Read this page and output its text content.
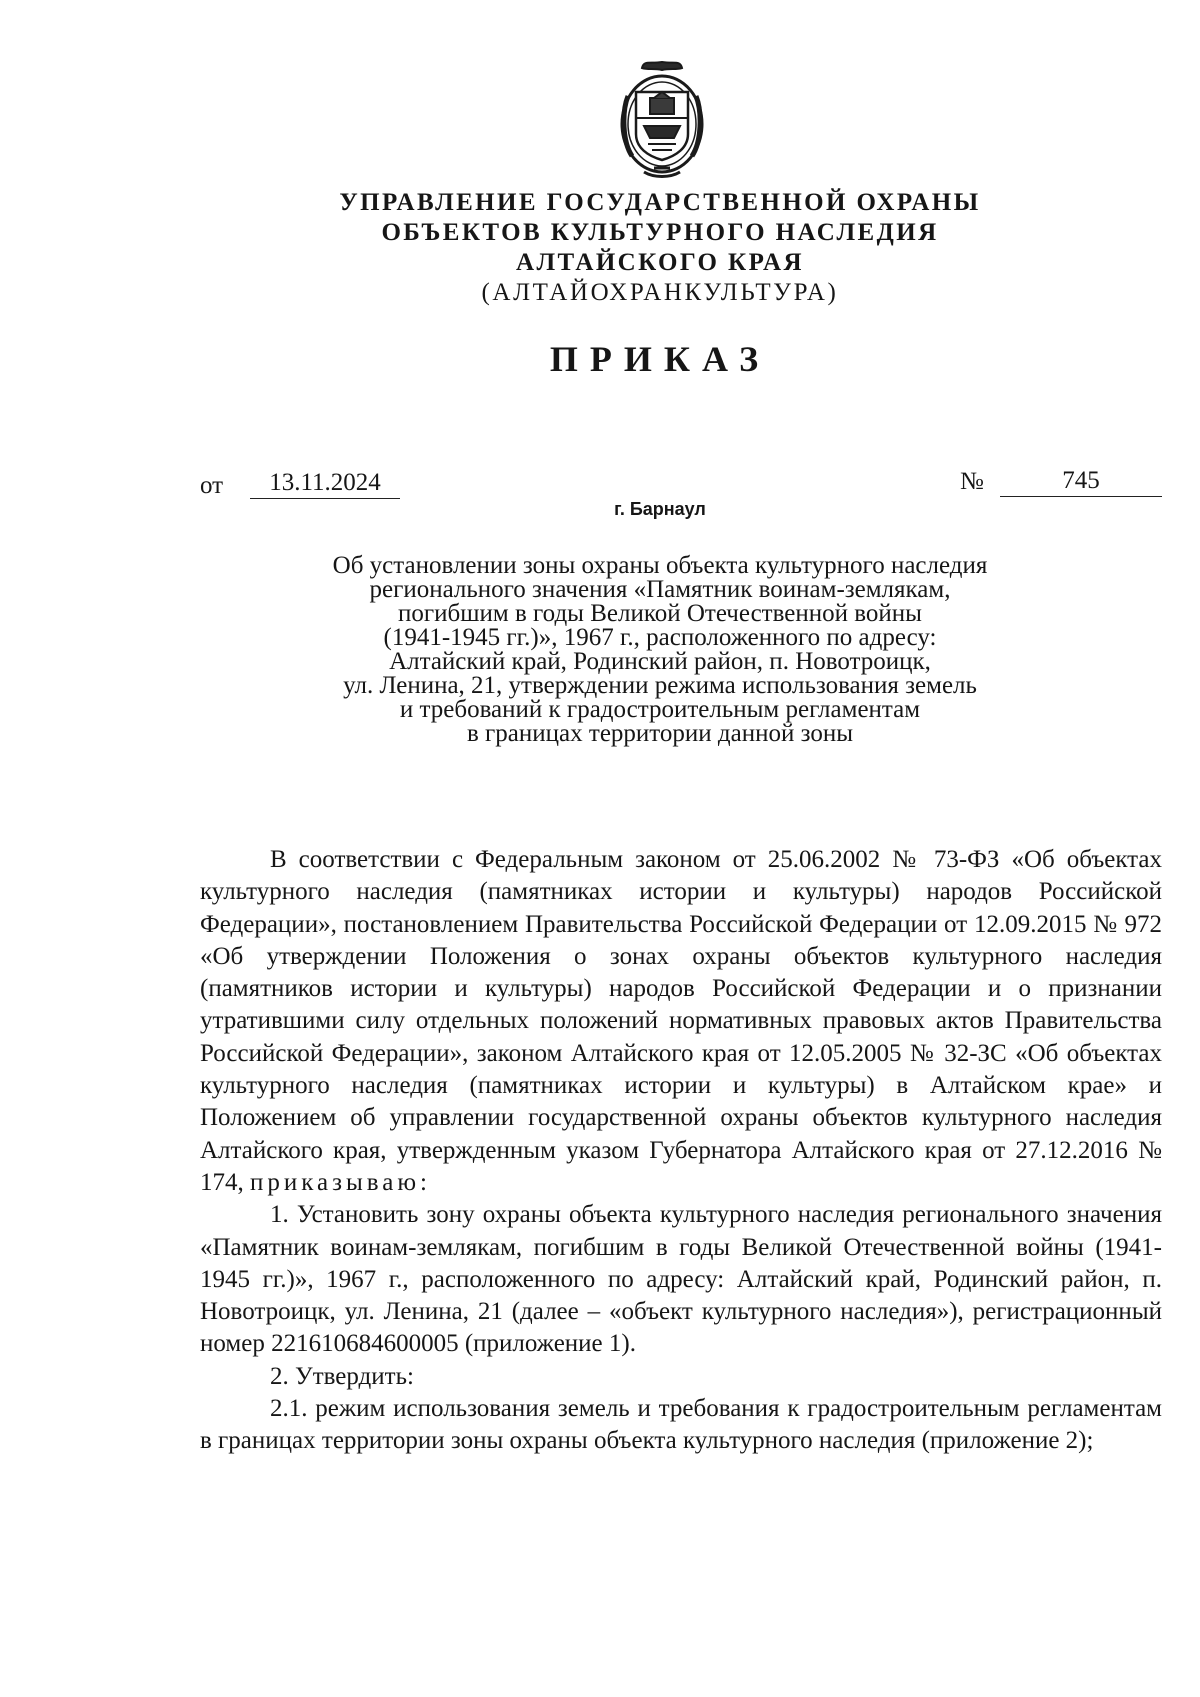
УПРАВЛЕНИЕ ГОСУДАРСТВЕННОЙ ОХРАНЫ
ОБЪЕКТОВ КУЛЬТУРНОГО НАСЛЕДИЯ
АЛТАЙСКОГО КРАЯ
(АЛТАЙОХРАНКУЛЬТУРА)
ПРИКАЗ
от	13.11.2024	№	745
г. Барнаул
Об установлении зоны охраны объекта культурного наследия
регионального значения «Памятник воинам-землякам,
погибшим в годы Великой Отечественной войны
(1941-1945 гг.)», 1967 г., расположенного по адресу:
Алтайский край, Родинский район, п. Новотроицк,
ул. Ленина, 21, утверждении режима использования земель
и требований к градостроительным регламентам
в границах территории данной зоны

В соответствии с Федеральным законом от 25.06.2002 № 73-ФЗ «Об объектах культурного наследия (памятниках истории и культуры) народов Российской Федерации», постановлением Правительства Российской Федерации от 12.09.2015 № 972 «Об утверждении Положения о зонах охраны объектов культурного наследия (памятников истории и культуры) народов Российской Федерации и о признании утратившими силу отдельных положений нормативных правовых актов Правительства Российской Федерации», законом Алтайского края от 12.05.2005 № 32-ЗС «Об объектах культурного наследия (памятниках истории и культуры) в Алтайском крае» и Положением об управлении государственной охраны объектов культурного наследия Алтайского края, утвержденным указом Губернатора Алтайского края от 27.12.2016 № 174, приказываю:

1. Установить зону охраны объекта культурного наследия регионального значения «Памятник воинам-землякам, погибшим в годы Великой Отечественной войны (1941-1945 гг.)», 1967 г., расположенного по адресу: Алтайский край, Родинский район, п. Новотроицк, ул. Ленина, 21 (далее – «объект культурного наследия»), регистрационный номер 221610684600005 (приложение 1).

2. Утвердить:

2.1. режим использования земель и требования к градостроительным регламентам в границах территории зоны охраны объекта культурного наследия (приложение 2);
